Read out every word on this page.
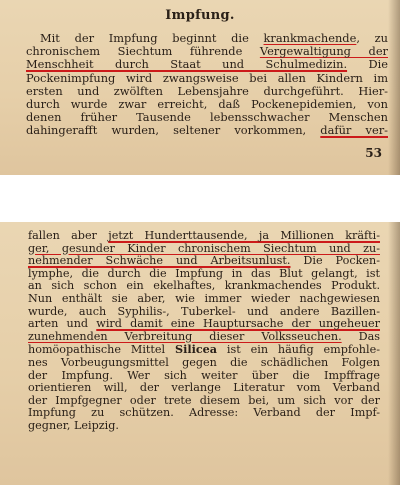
Impfung.
Mit der Impfung beginnt die krankmachende, zu
chronischem Siechtum führende Vergewaltigung der
Menschheit durch Staat und Schulmedizin. Die
Pockenimpfung wird zwangsweise bei allen Kindern im
ersten und zwölften Lebensjahre durchgeführt. Hier-
durch wurde zwar erreicht, daß Pockenepidemien, von
denen früher Tausende lebensschwacher Menschen
dahingerafft wurden, seltener vorkommen, dafür ver-
53
fallen aber jetzt Hunderttausende, ja Millionen kräfti-
ger, gesunder Kinder chronischem Siechtum und zu-
nehmender Schwäche und Arbeitsunlust. Die Pocken-
lymphe, die durch die Impfung in das Blut gelangt, ist
an sich schon ein ekelhaftes, krankmachendes Produkt.
Nun enthält sie aber, wie immer wieder nachgewiesen
wurde, auch Syphilis-, Tuberkel- und andere Bazillen-
arten und wird damit eine Hauptursache der ungeheuer
zunehmenden Verbreitung dieser Volksseuchen. Das
homöopathische Mittel Silicea ist ein häufig empfohle-
nes Vorbeugungsmittel gegen die schädlichen Folgen
der Impfung. Wer sich weiter über die Impffrage
orientieren will, der verlange Literatur vom Verband
der Impfgegner oder trete diesem bei, um sich vor der
Impfung zu schützen. Adresse: Verband der Impf-
gegner, Leipzig.
